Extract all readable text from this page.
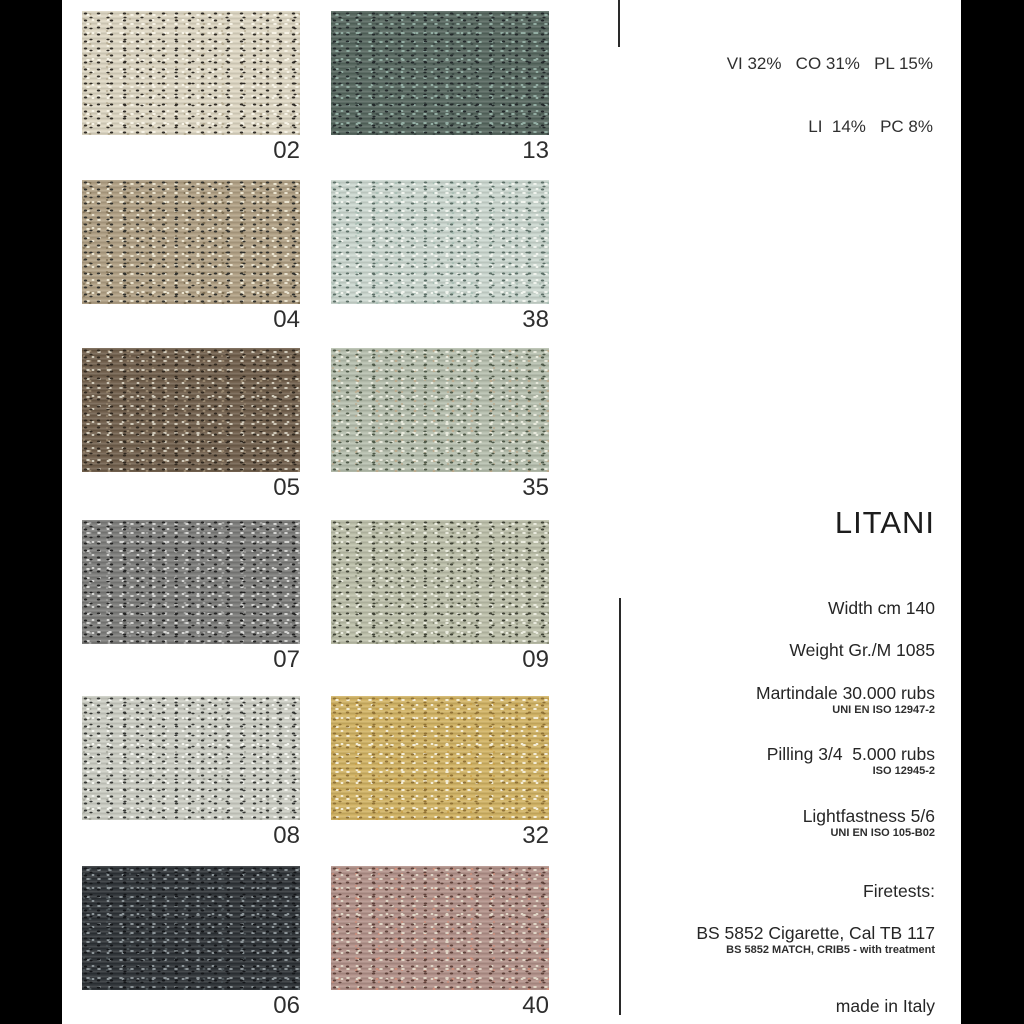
02	13
04	38
05	35
07	09
08	32
06	40

VI 32%   CO 31%   PL 15%

LI  14%   PC 8%

LITANI
Width cm 140
Weight Gr./M 1085
Martindale 30.000 rubs
UNI EN ISO 12947-2
Pilling 3/4  5.000 rubs
ISO 12945-2
Lightfastness 5/6
UNI EN ISO 105-B02
Firetests:
BS 5852 Cigarette, Cal TB 117
BS 5852 MATCH, CRIB5 - with treatment
made in Italy
